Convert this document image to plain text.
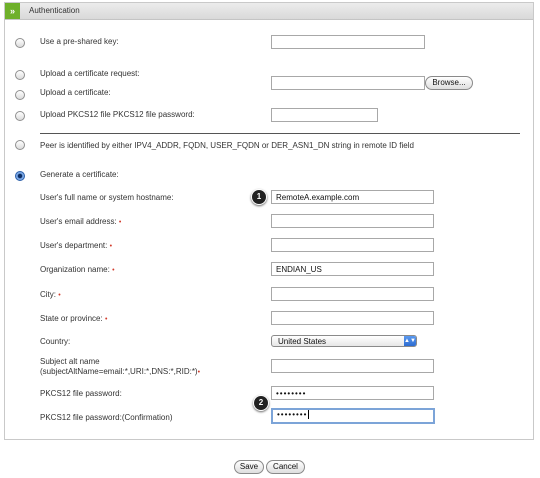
»	Authentication
Use a pre-shared key:
Upload a certificate request:
Upload a certificate:
Browse...
Upload PKCS12 file PKCS12 file password:
Peer is identified by either IPV4_ADDR, FQDN, USER_FQDN or DER_ASN1_DN string in remote ID field
Generate a certificate:
User's full name or system hostname:	RemoteA.example.com
User's email address: •
User's department: •
Organization name: •	ENDIAN_US
City: •
State or province: •
Country:	United States	▲▼
Subject alt name
(subjectAltName=email:*,URI:*,DNS:*,RID:*)•
PKCS12 file password:	••••••••
PKCS12 file password:(Confirmation)	••••••••
1
2
Save	Cancel
